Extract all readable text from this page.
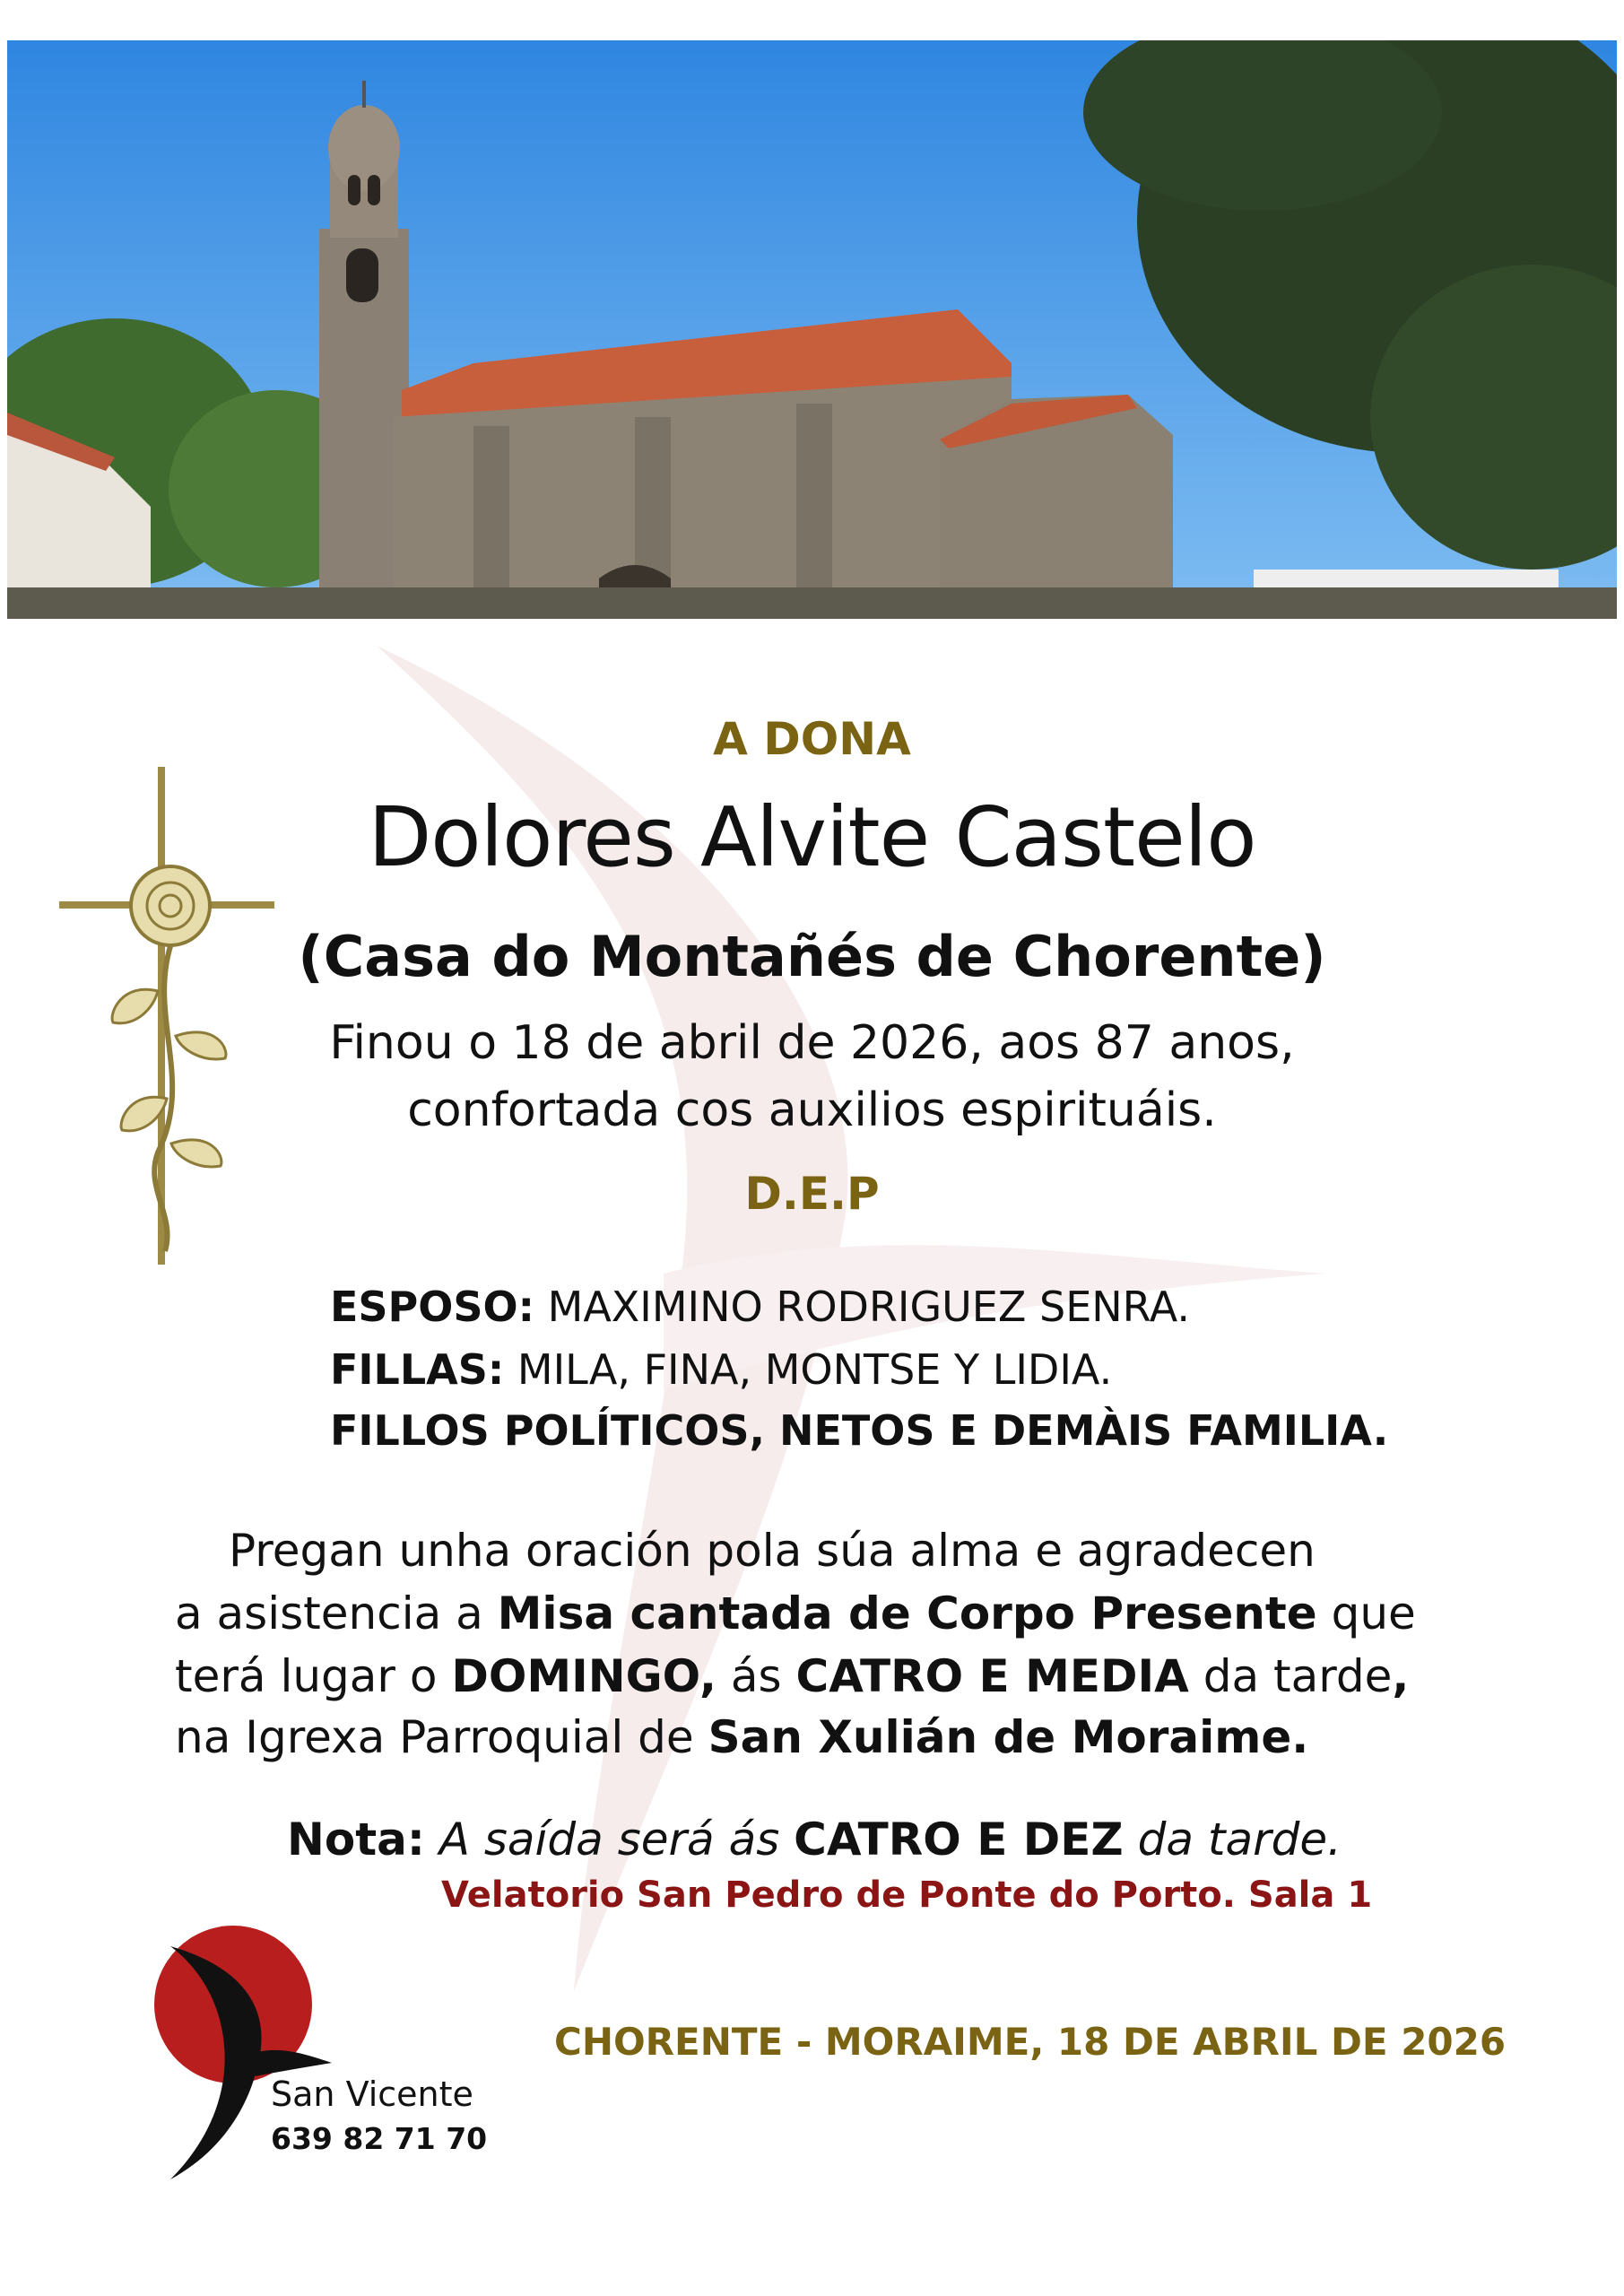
A DONA
Dolores Alvite Castelo
(Casa do Montañés de Chorente)
Finou o 18 de abril de 2026, aos 87 anos,
confortada cos auxilios espirituáis.
D.E.P
ESPOSO: MAXIMINO RODRIGUEZ SENRA.
FILLAS: MILA, FINA, MONTSE Y LIDIA.
FILLOS POLÍTICOS, NETOS E DEMÀIS FAMILIA.
Pregan unha oración pola súa alma e agradecen
a asistencia a Misa cantada de Corpo Presente que
terá lugar o DOMINGO, ás CATRO E MEDIA da tarde,
na Igrexa Parroquial de San Xulián de Moraime.
Nota: A saída será ás CATRO E DEZ da tarde.
Velatorio San Pedro de Ponte do Porto. Sala 1
San Vicente
639 82 71 70
CHORENTE - MORAIME, 18 DE ABRIL DE 2026
